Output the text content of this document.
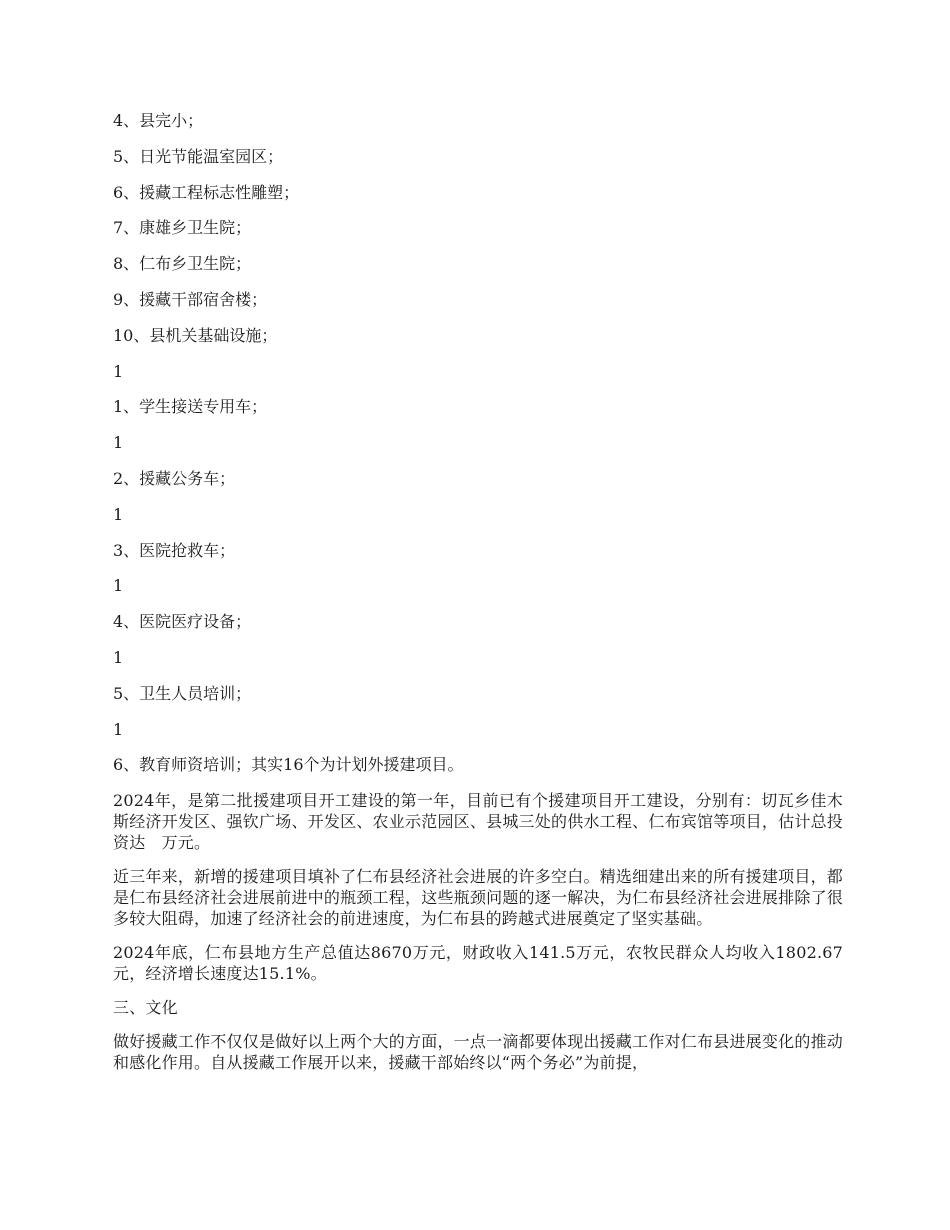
4、县完小；
5、日光节能温室园区；
6、援藏工程标志性雕塑；
7、康雄乡卫生院；
8、仁布乡卫生院；
9、援藏干部宿舍楼；
10、县机关基础设施；
1
1、学生接送专用车；
1
2、援藏公务车；
1
3、医院抢救车；
1
4、医院医疗设备；
1
5、卫生人员培训；
1
6、教育师资培训；其实16个为计划外援建项目。

2024年，是第二批援建项目开工建设的第一年，目前已有个援建项目开工建设，分别有：切瓦乡佳木斯经济开发区、强钦广场、开发区、农业示范园区、县城三处的供水工程、仁布宾馆等项目，估计总投资达　万元。

近三年来，新增的援建项目填补了仁布县经济社会进展的许多空白。精选细建出来的所有援建项目，都是仁布县经济社会进展前进中的瓶颈工程，这些瓶颈问题的逐一解决，为仁布县经济社会进展排除了很多较大阻碍，加速了经济社会的前进速度，为仁布县的跨越式进展奠定了坚实基础。

2024年底，仁布县地方生产总值达8670万元，财政收入141.5万元，农牧民群众人均收入1802.67元，经济增长速度达15.1%。

三、文化

做好援藏工作不仅仅是做好以上两个大的方面，一点一滴都要体现出援藏工作对仁布县进展变化的推动和感化作用。自从援藏工作展开以来，援藏干部始终以“两个务必”为前提，
